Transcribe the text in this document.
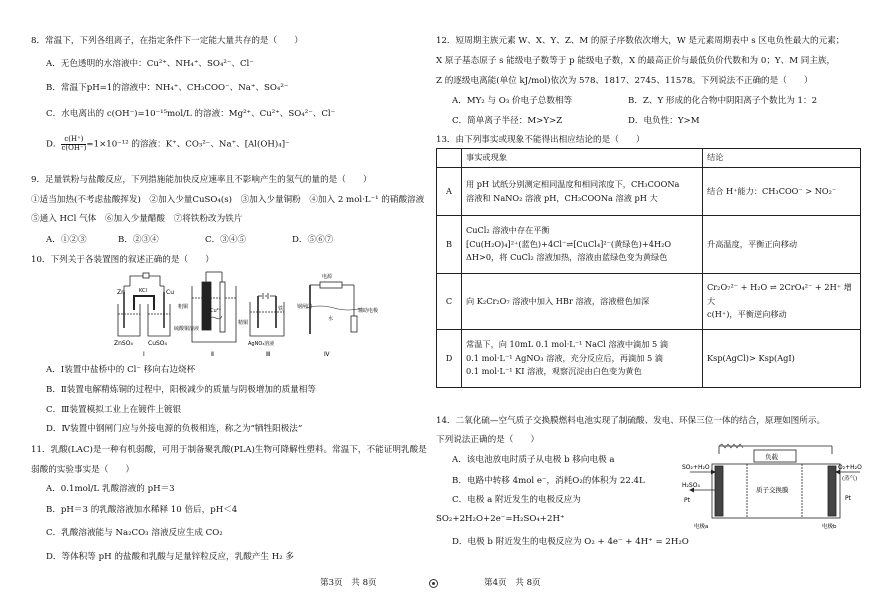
8．常温下，下列各组离子，在指定条件下一定能大量共存的是（　　）
A．无色透明的水溶液中：Cu²⁺、NH₄⁺、SO₄²⁻、Cl⁻
B．常温下pH=1的溶液中：NH₄⁺、CH₃COO⁻、Na⁺、SO₄²⁻
C．水电离出的 c(OH⁻)=10⁻¹⁵mol/L 的溶液：Mg²⁺、Cu²⁺、SO₄²⁻、Cl⁻
D． $\frac{c(H^+)}{c(OH^-)}=1\times 10^{-12}$ 的溶液：K⁺、CO₃²⁻、Na⁺、[Al(OH)₄]⁻
9．足量铁粉与盐酸反应，下列措施能加快反应速率且不影响产生的氢气的量的是（　　）
①适当加热(不考虑盐酸挥发)　②加入少量CuSO₄(s)　③加入少量铜粉　④加入 2 mol·L⁻¹ 的硝酸溶液
⑤通入 HCl 气体　⑥加入少量醋酸　⑦将铁粉改为铁片
A．①②③	B．②③④	C．③④⑤	D．⑤⑥⑦
10．下列关于各装置图的叙述正确的是（　　）
Zn	Cu
KCl
ZnSO₄	CuSO₄
Ⅰ
粗铜
精铜
Cu²⁺
硫酸铜溶液
Ⅱ
铁
AgNO₃溶液
Ⅲ
电源
钢闸门
水
辅助电极
Ⅳ
A．Ⅰ装置中盐桥中的 Cl⁻ 移向右边烧杯
B．Ⅱ装置电解精炼铜的过程中，阳极减少的质量与阴极增加的质量相等
C．Ⅲ装置模拟工业上在镀件上镀银
D．Ⅳ装置中钢闸门应与外接电源的负极相连，称之为“牺牲阳极法”
11．乳酸(LAC)是一种有机弱酸，可用于制备聚乳酸(PLA)生物可降解性塑料。常温下，不能证明乳酸是
弱酸的实验事实是（　　）
A．0.1mol/L 乳酸溶液的 pH＝3
B．pH＝3 的乳酸溶液加水稀释 10 倍后，pH＜4
C．乳酸溶液能与 Na₂CO₃ 溶液反应生成 CO₂
D．等体积等 pH 的盐酸和乳酸与足量锌粒反应，乳酸产生 H₂ 多
第3页　共 8页
12．短周期主族元素 W、X、Y、Z、M 的原子序数依次增大，W 是元素周期表中 s 区电负性最大的元素；
X 原子基态原子 s 能级电子数等于 p 能级电子数，X 的最高正价与最低负价代数和为 0；Y、M 同主族，
Z 的逐级电离能(单位 kJ/mol)依次为 578、1817、2745、11578。下列说法不正确的是（　　）
A．MY₂ 与 O₃ 价电子总数相等	B．Z、Y 形成的化合物中阴阳离子个数比为 1：2
C．简单离子半径：M>Y>Z	D．电负性：Y>M
13．由下列事实或现象不能得出相应结论的是（　　）
	事实或现象	结论
A	用 pH 试纸分别测定相同温度和相同浓度下，CH₃COONa
溶液和 NaNO₂ 溶液 pH，CH₃COONa 溶液 pH 大	结合 H⁺能力：CH₃COO⁻ > NO₂⁻

B	CuCl₂ 溶液中存在平衡
[Cu(H₂O)₄]²⁺(蓝色)+4Cl⁻⇌[CuCl₄]²⁻(黄绿色)+4H₂O
ΔH>0，将 CuCl₂ 溶液加热，溶液由蓝绿色变为黄绿色	升高温度，平衡正向移动

C	向 K₂Cr₂O₇ 溶液中加入 HBr 溶液，溶液橙色加深	Cr₂O₇²⁻ + H₂O ⇌ 2CrO₄²⁻ + 2H⁺ 增大
c(H⁺)，平衡逆向移动

D	常温下，向 10mL 0.1 mol·L⁻¹ NaCl 溶液中滴加 5 滴
0.1 mol·L⁻¹ AgNO₃ 溶液，充分反应后，再滴加 5 滴
0.1 mol·L⁻¹ KI 溶液，观察沉淀由白色变为黄色	Ksp(AgCl)> Ksp(AgI)
14．二氧化硫—空气质子交换膜燃料电池实现了制硫酸、发电、环保三位一体的结合，原理如图所示。
下列说法正确的是（　　）
A．该电池放电时质子从电极 b 移向电极 a
B．电路中转移 4mol e⁻，消耗O₂的体积为 22.4L
C．电极 a 附近发生的电极反应为
SO₂+2H₂O+2e⁻=H₂SO₄+2H⁺
D．电极 b 附近发生的电极反应为 O₂ + 4e⁻ + 4H⁺ = 2H₂O
负载
SO₂+H₂O
H₂SO₄
Pt
O₂+H₂O
(蒸气)
Pt
质子交换膜
电极a	电极b
第4页　共 8页
